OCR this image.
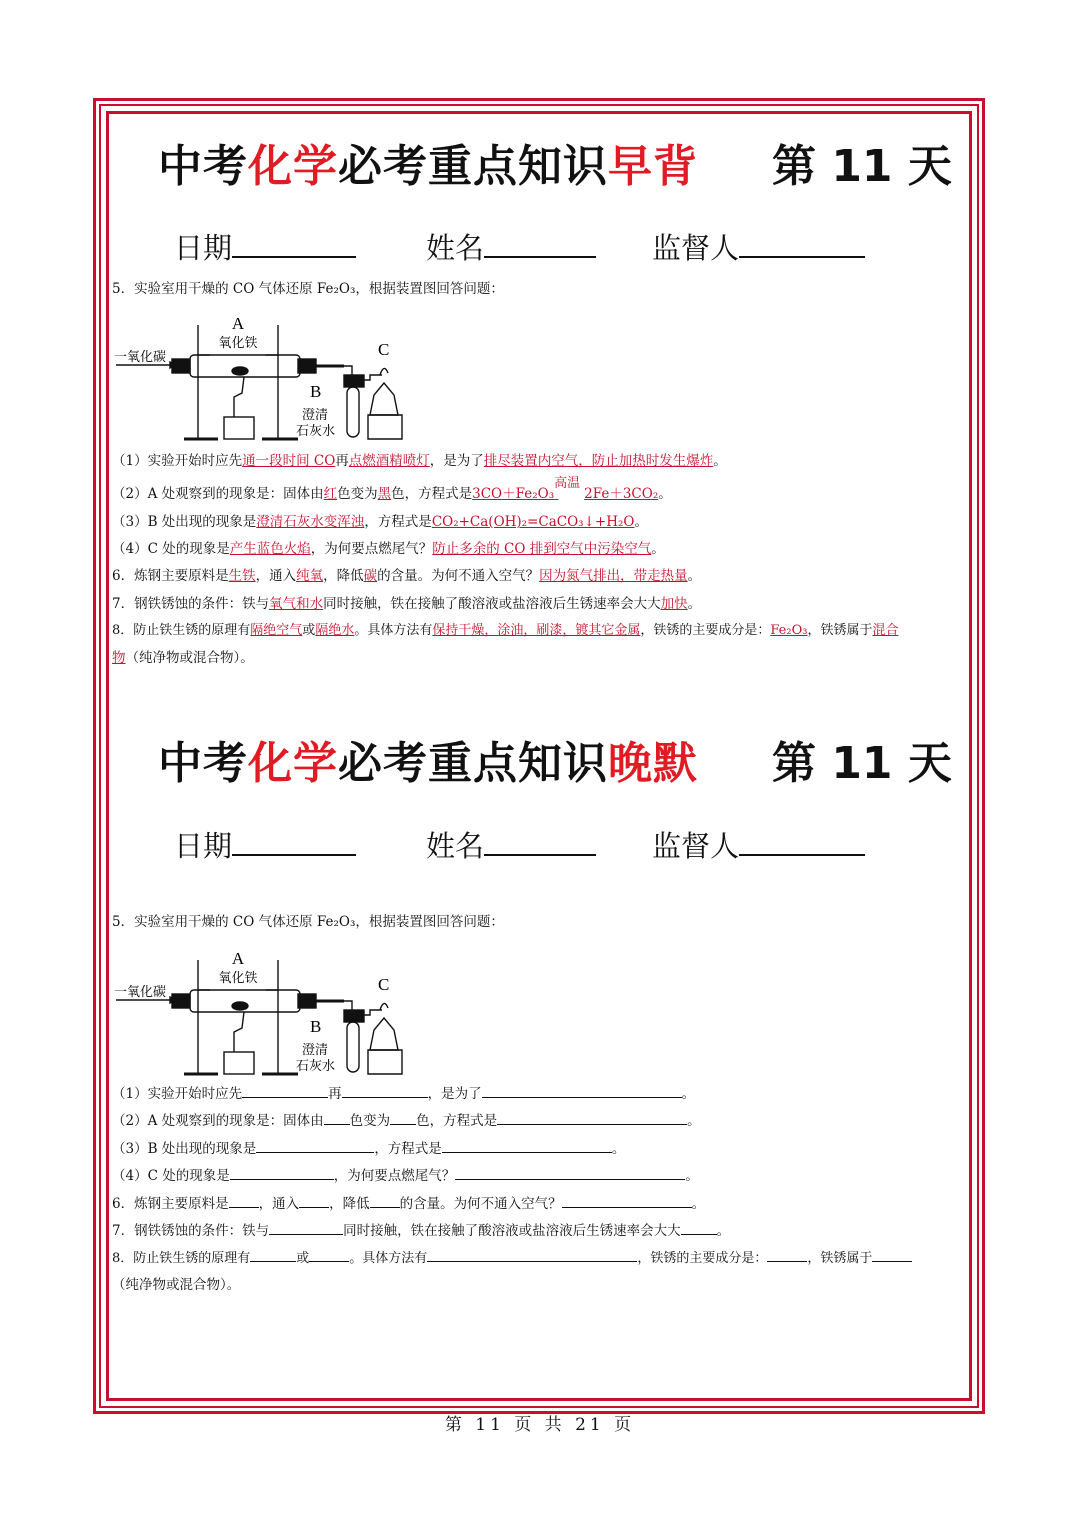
中考化学必考重点知识早背 第 11 天
日期	姓名	监督人
5．实验室用干燥的 CO 气体还原 Fe₂O₃，根据装置图回答问题：
A
氧化铁
一氧化碳
B
澄清
石灰水
C
（1）实验开始时应先通一段时间 CO再点燃酒精喷灯，是为了排尽装置内空气，防止加热时发生爆炸。
（2）A 处观察到的现象是：固体由红色变为黑色，方程式是3CO＋Fe₂O₃
高温
2Fe＋3CO₂。
（3）B 处出现的现象是澄清石灰水变浑浊，方程式是CO₂+Ca(OH)₂=CaCO₃↓+H₂O。
（4）C 处的现象是产生蓝色火焰，为何要点燃尾气？防止多余的 CO 排到空气中污染空气。
6．炼钢主要原料是生铁，通入纯氧，降低碳的含量。为何不通入空气？因为氮气排出，带走热量。
7．钢铁锈蚀的条件：铁与氧气和水同时接触，铁在接触了酸溶液或盐溶液后生锈速率会大大加快。
8．防止铁生锈的原理有隔绝空气或隔绝水。具体方法有保持干燥，涂油，刷漆，镀其它金属，铁锈的主要成分是：Fe₂O₃，铁锈属于混合
物（纯净物或混合物）。
中考化学必考重点知识晚默 第 11 天
日期	姓名	监督人
5．实验室用干燥的 CO 气体还原 Fe₂O₃，根据装置图回答问题：
A
氧化铁
一氧化碳
B
澄清
石灰水
C
（1）实验开始时应先	再	，是为了	。
（2）A 处观察到的现象是：固体由 色变为 色，方程式是	。
（3）B 处出现的现象是	，方程式是	。
（4）C 处的现象是	，为何要点燃尾气？	。
6．炼钢主要原料是 ，通入 ，降低 的含量。为何不通入空气？	。
7．钢铁锈蚀的条件：铁与	同时接触，铁在接触了酸溶液或盐溶液后生锈速率会大大	。
8．防止铁生锈的原理有	或	。具体方法有	，铁锈的主要成分是：	，铁锈属于
（纯净物或混合物）。
第 11 页 共 21 页
